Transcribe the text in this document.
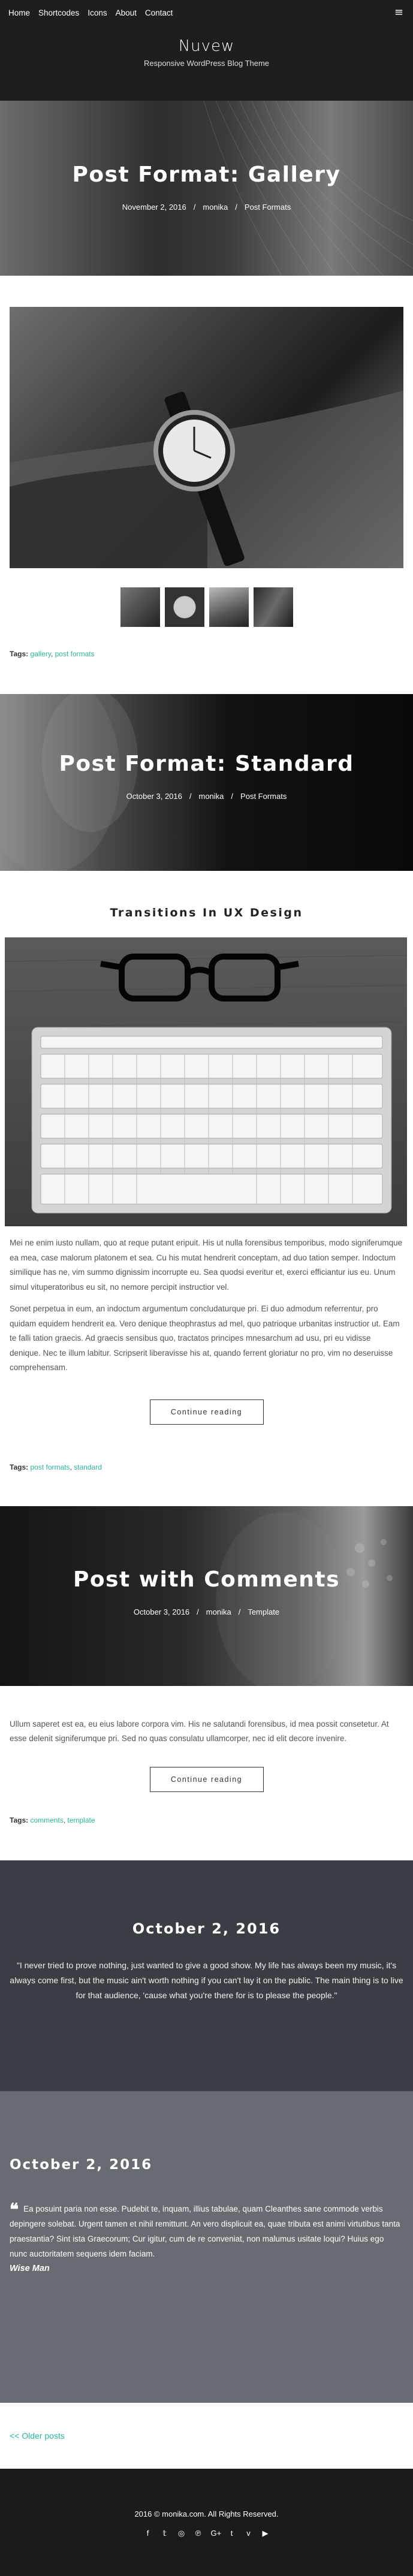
Home Shortcodes Icons About Contact	≡
Nuvew
Responsive WordPress Blog Theme
Post Format: Gallery
November 2, 2016 / monika / Post Formats
Tags: gallery, post formats
Post Format: Standard
October 3, 2016 / monika / Post Formats
Transitions In UX Design

Mei ne enim iusto nullam, quo at reque putant eripuit. His ut nulla forensibus temporibus, modo signiferumque ea mea, case malorum platonem et sea. Cu his mutat hendrerit conceptam, ad duo tation semper. Indoctum similique has ne, vim summo dignissim incorrupte eu. Sea quodsi everitur et, exerci efficiantur ius eu. Unum simul vituperatoribus eu sit, no nemore percipit instructior vel.

Sonet perpetua in eum, an indoctum argumentum concludaturque pri. Ei duo admodum referrentur, pro quidam equidem hendrerit ea. Vero denique theophrastus ad mel, quo patrioque urbanitas instructior ut. Eam te falli tation graecis. Ad graecis sensibus quo, tractatos principes mnesarchum ad usu, pri eu vidisse denique. Nec te illum labitur. Scripserit liberavisse his at, quando ferrent gloriatur no pro, vim no deseruisse comprehensam.

Continue reading
Tags: post formats, standard
Post with Comments
October 3, 2016 / monika / Template

Ullum saperet est ea, eu eius labore corpora vim. His ne salutandi forensibus, id mea possit consetetur. At esse delenit signiferumque pri. Sed no quas consulatu ullamcorper, nec id elit decore invenire.

Continue reading
Tags: comments, template
October 2, 2016
"I never tried to prove nothing, just wanted to give a good show. My life has always been my music, it's always come first, but the music ain't worth nothing if you can't lay it on the public. The main thing is to live for that audience, 'cause what you're there for is to please the people."
October 2, 2016
❝ Ea posuint paria non esse. Pudebit te, inquam, illius tabulae, quam Cleanthes sane commode verbis depingere solebat. Urgent tamen et nihil remittunt. An vero displicuit ea, quae tributa est animi virtutibus tanta praestantia? Sint ista Graecorum; Cur igitur, cum de re conveniat, non malumus usitate loqui? Huius ego nunc auctoritatem sequens idem faciam.
Wise Man
<< Older posts
2016 © monika.com. All Rights Reserved.
f	𝕥	◎ ℗ G+	t	v ▶
